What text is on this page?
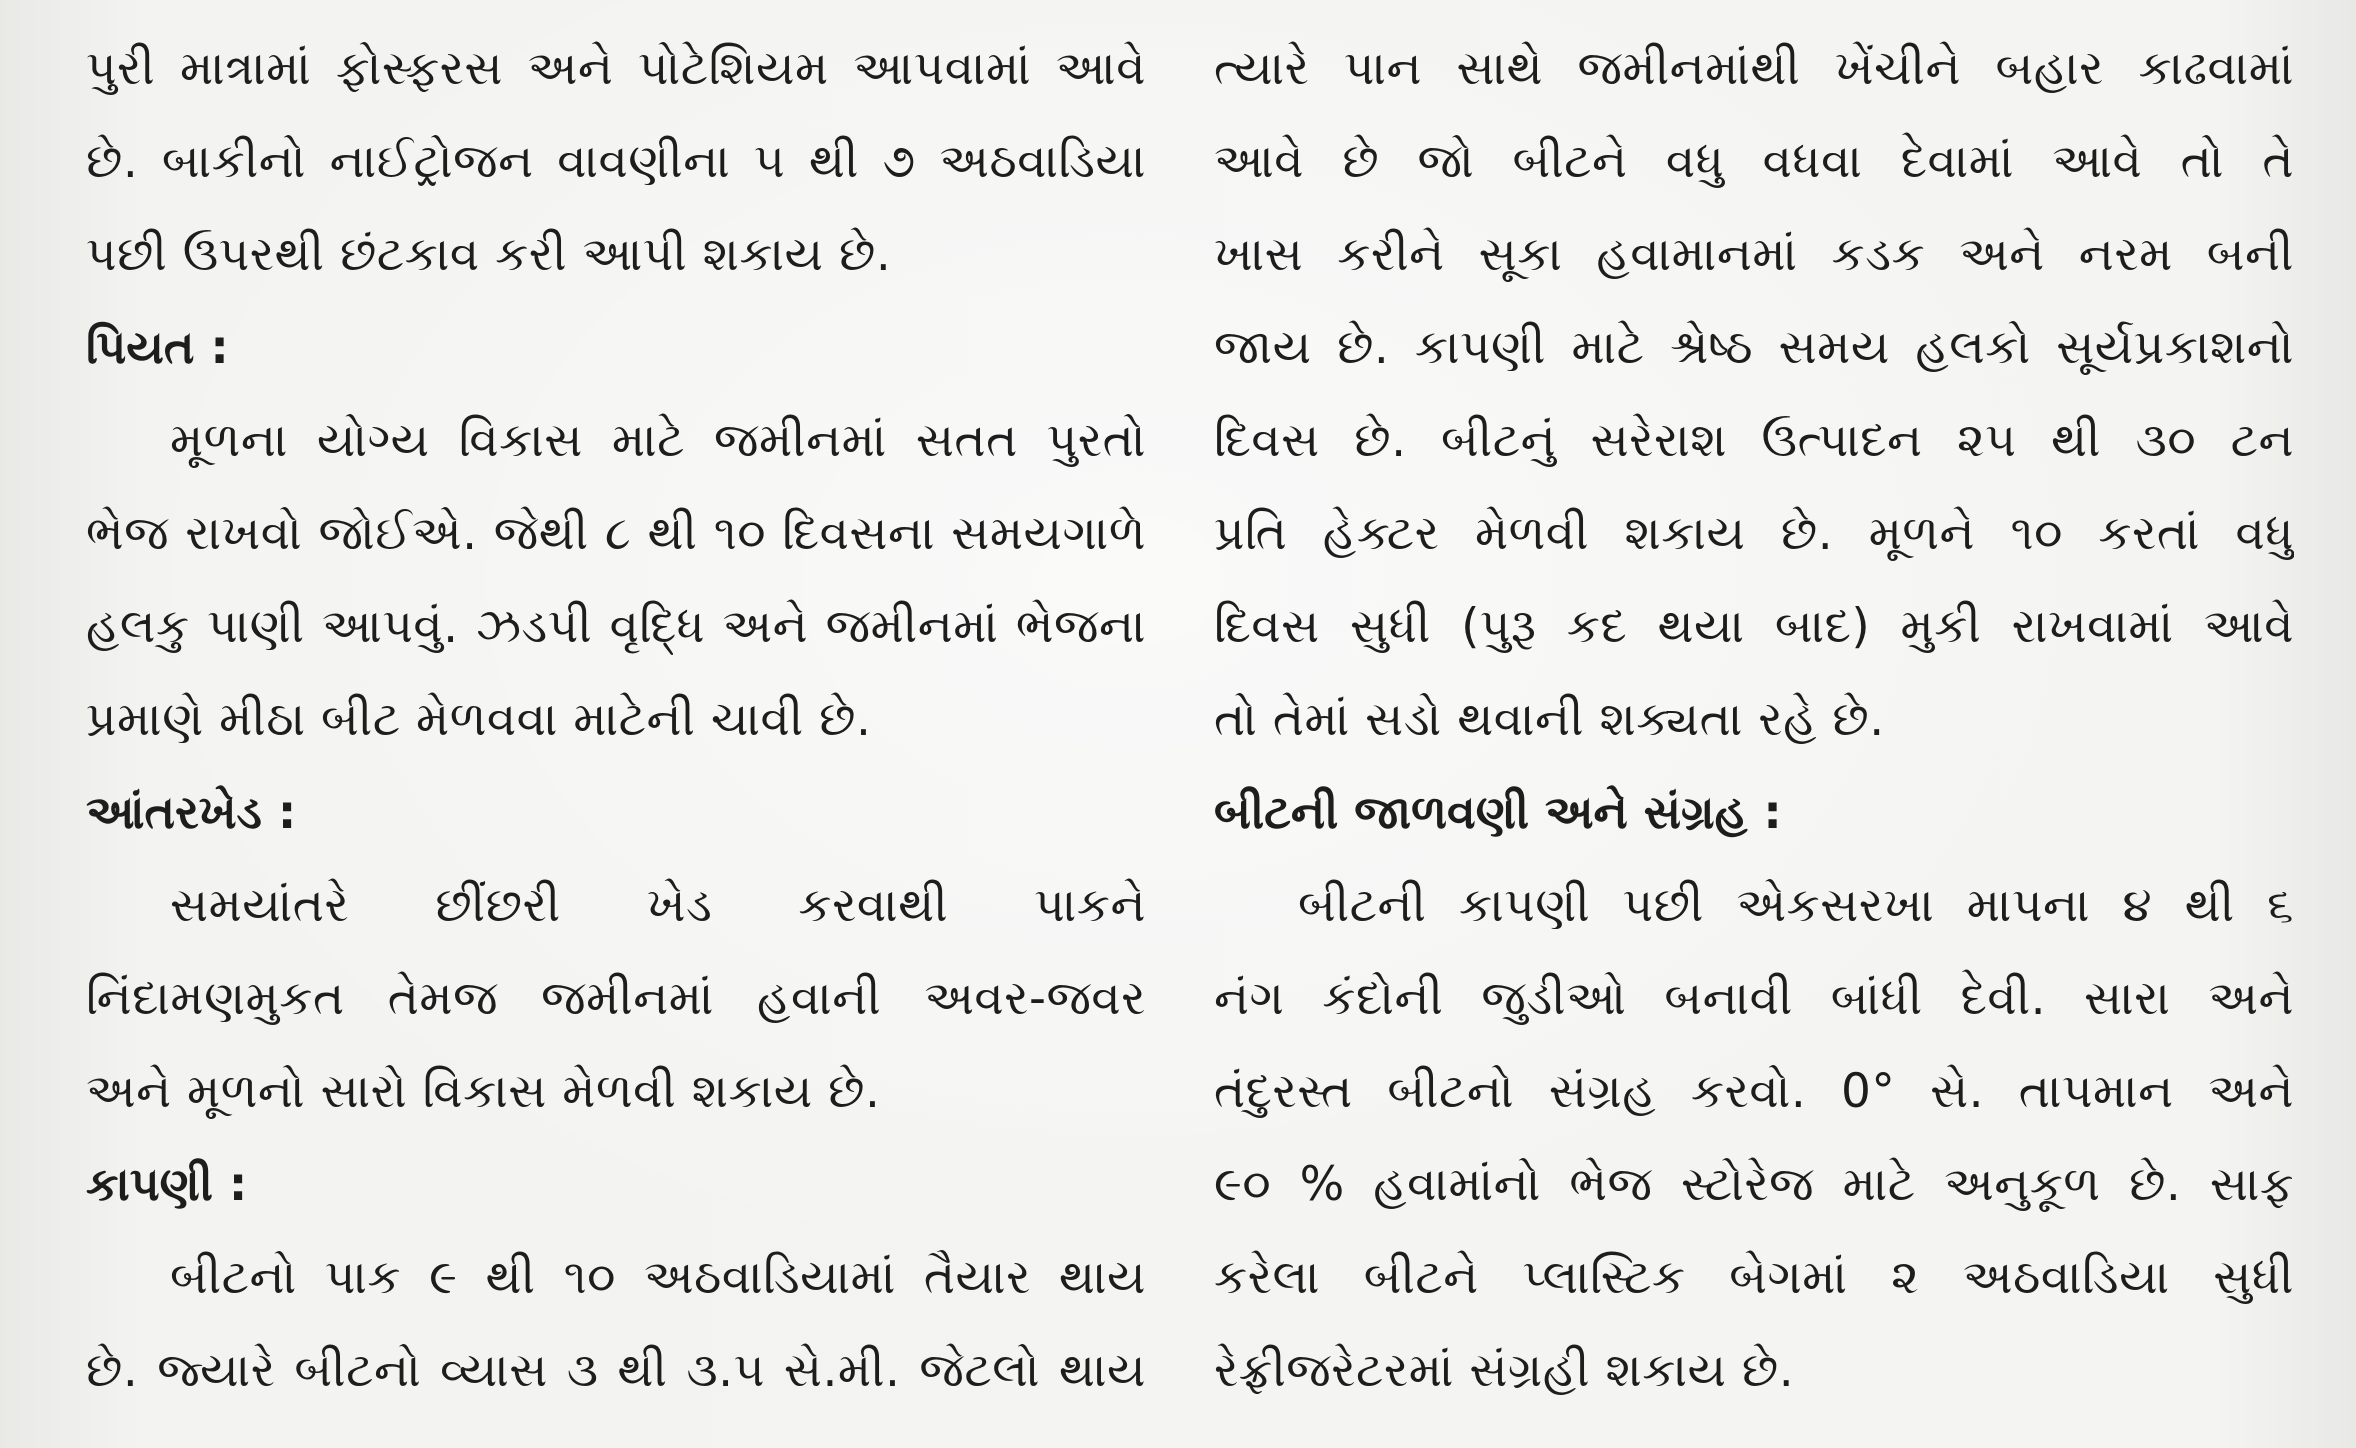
પુરી માત્રામાં ફોસ્ફરસ અને પોટેશિયમ આપવામાં આવે
છે. બાકીનો નાઈટ્રોજન વાવણીના ૫ થી ૭ અઠવાડિયા
પછી ઉપરથી છંટકાવ કરી આપી શકાય છે.
પિયત :
મૂળના યોગ્ય વિકાસ માટે જમીનમાં સતત પુરતો
ભેજ રાખવો જોઈએ. જેથી ૮ થી ૧૦ દિવસના સમયગાળે
હલકુ પાણી આપવું. ઝડપી વૃદ્ધિ અને જમીનમાં ભેજના
પ્રમાણે મીઠા બીટ મેળવવા માટેની ચાવી છે.
આંતરખેડ :
સમયાંતરે છીંછરી ખેડ કરવાથી પાકને
નિંદામણમુકત તેમજ જમીનમાં હવાની અવર-જવર
અને મૂળનો સારો વિકાસ મેળવી શકાય છે.
કાપણી :
બીટનો પાક ૯ થી ૧૦ અઠવાડિયામાં તૈયાર થાય
છે. જ્યારે બીટનો વ્યાસ ૩ થી ૩.૫ સે.મી. જેટલો થાય
ત્યારે પાન સાથે જમીનમાંથી ખેંચીને બહાર કાઢવામાં
આવે છે જો બીટને વધુ વધવા દેવામાં આવે તો તે
ખાસ કરીને સૂકા હવામાનમાં કડક અને નરમ બની
જાય છે. કાપણી માટે શ્રેષ્ઠ સમય હલકો સૂર્યપ્રકાશનો
દિવસ છે. બીટનું સરેરાશ ઉત્પાદન ૨૫ થી ૩૦ ટન
પ્રતિ હેક્ટર મેળવી શકાય છે. મૂળને ૧૦ કરતાં વધુ
દિવસ સુધી (પુરૂ કદ થયા બાદ) મુકી રાખવામાં આવે
તો તેમાં સડો થવાની શક્યતા રહે છે.
બીટની જાળવણી અને સંગ્રહ :
બીટની કાપણી પછી એકસરખા માપના ૪ થી ૬
નંગ કંદોની જુડીઓ બનાવી બાંધી દેવી. સારા અને
તંદુરસ્ત બીટનો સંગ્રહ કરવો. 0° સે. તાપમાન અને
૯૦ % હવામાંનો ભેજ સ્ટોરેજ માટે અનુકૂળ છે. સાફ
કરેલા બીટને પ્લાસ્ટિક બેગમાં ૨ અઠવાડિયા સુધી
રેફ્રીજરેટરમાં સંગ્રહી શકાય છે.
